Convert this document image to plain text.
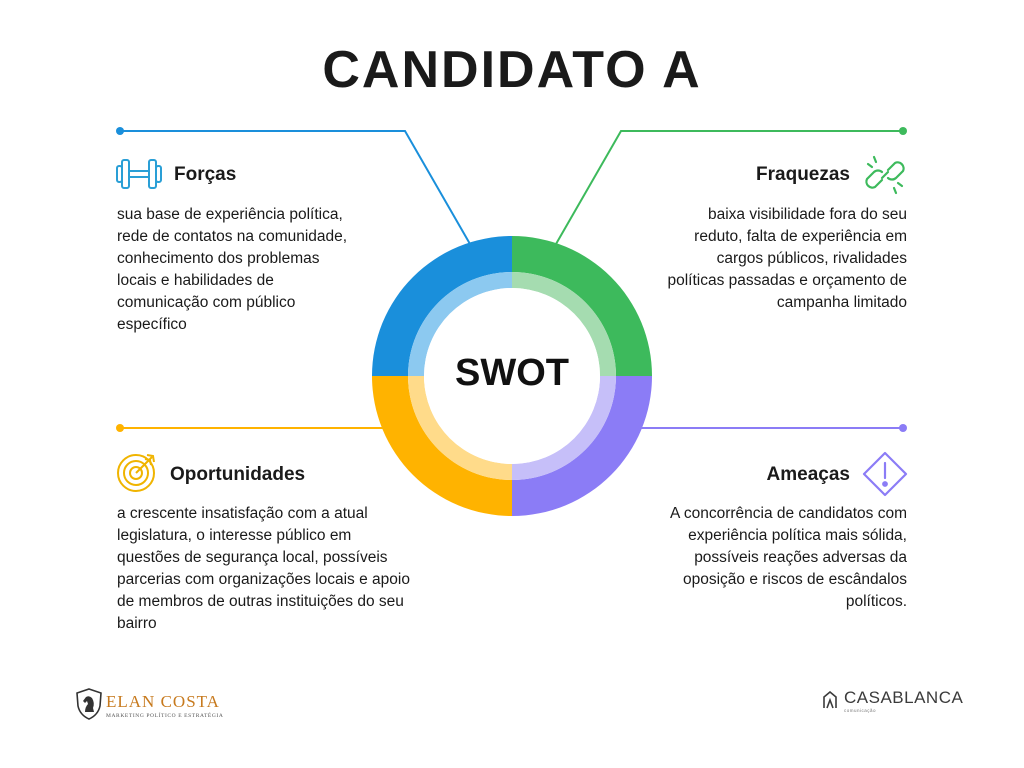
CANDIDATO A
SWOT
Forças
sua base de experiência política, rede de contatos na comunidade, conhecimento dos problemas locais e habilidades de comunicação com público específico
Fraquezas
baixa visibilidade fora do seu reduto, falta de experiência em cargos públicos, rivalidades políticas passadas e orçamento de campanha limitado
Oportunidades
a crescente insatisfação com a atual legislatura, o interesse público em questões de segurança local, possíveis parcerias com organizações locais e apoio de membros de outras instituições do seu bairro
Ameaças
A concorrência de candidatos com experiência política mais sólida, possíveis reações adversas da oposição e riscos de escândalos políticos.
ELAN COSTA
MARKETING POLÍTICO E ESTRATÉGIA
CASABLANCA
comunicação
